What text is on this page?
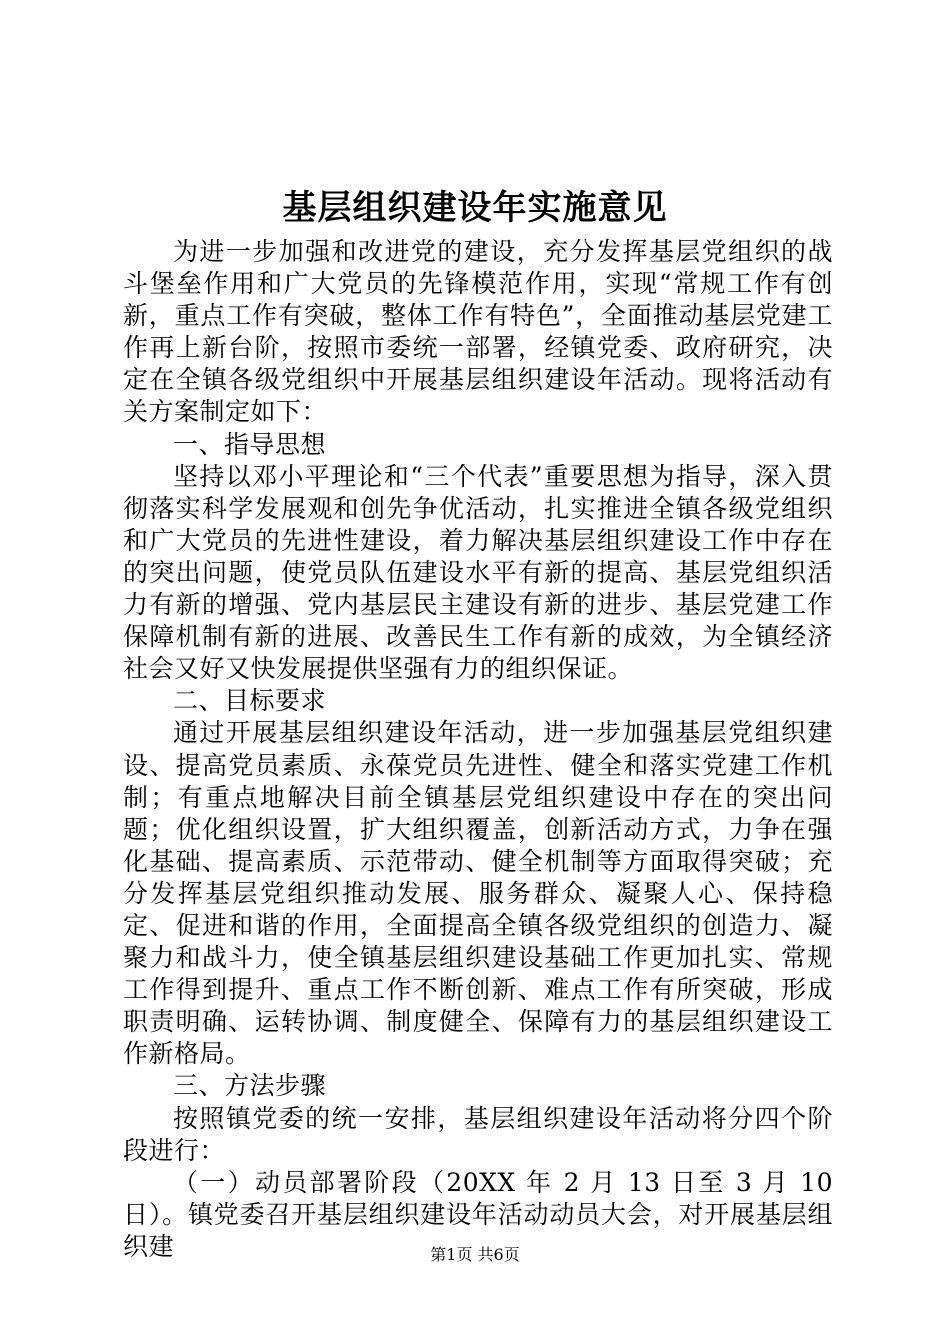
基层组织建设年实施意见

为进一步加强和改进党的建设，充分发挥基层党组织的战斗堡垒作用和广大党员的先锋模范作用，实现“常规工作有创新，重点工作有突破，整体工作有特色”，全面推动基层党建工作再上新台阶，按照市委统一部署，经镇党委、政府研究，决定在全镇各级党组织中开展基层组织建设年活动。现将活动有关方案制定如下：

一、指导思想

坚持以邓小平理论和“三个代表”重要思想为指导，深入贯彻落实科学发展观和创先争优活动，扎实推进全镇各级党组织和广大党员的先进性建设，着力解决基层组织建设工作中存在的突出问题，使党员队伍建设水平有新的提高、基层党组织活力有新的增强、党内基层民主建设有新的进步、基层党建工作保障机制有新的进展、改善民生工作有新的成效，为全镇经济社会又好又快发展提供坚强有力的组织保证。

二、目标要求

通过开展基层组织建设年活动，进一步加强基层党组织建设、提高党员素质、永葆党员先进性、健全和落实党建工作机制；有重点地解决目前全镇基层党组织建设中存在的突出问题；优化组织设置，扩大组织覆盖，创新活动方式，力争在强化基础、提高素质、示范带动、健全机制等方面取得突破；充分发挥基层党组织推动发展、服务群众、凝聚人心、保持稳定、促进和谐的作用，全面提高全镇各级党组织的创造力、凝聚力和战斗力，使全镇基层组织建设基础工作更加扎实、常规工作得到提升、重点工作不断创新、难点工作有所突破，形成职责明确、运转协调、制度健全、保障有力的基层组织建设工作新格局。

三、方法步骤

按照镇党委的统一安排，基层组织建设年活动将分四个阶段进行：

（一）动员部署阶段（20XX 年 2 月 13 日至 3 月 10 日）。镇党委召开基层组织建设年活动动员大会，对开展基层组织建	第1页 共6页
